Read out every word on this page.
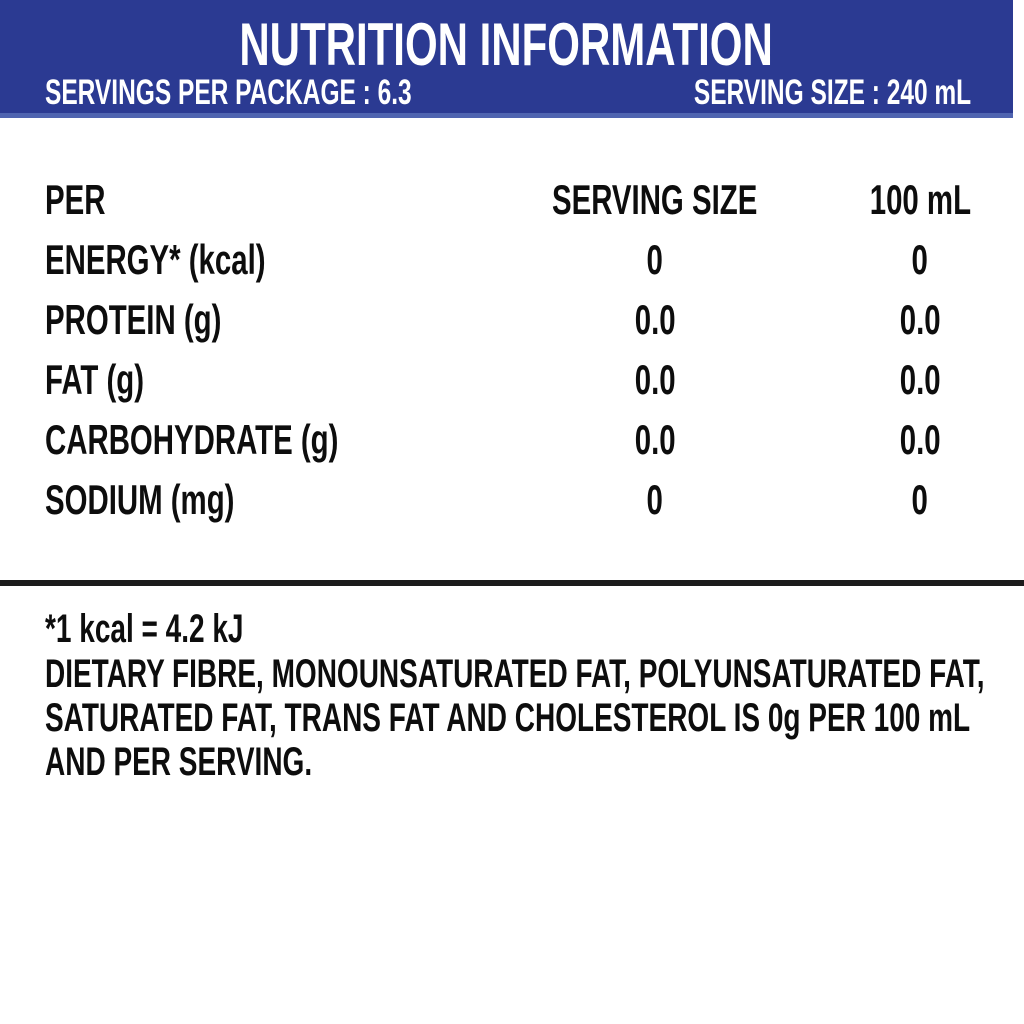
NUTRITION INFORMATION
SERVINGS PER PACKAGE : 6.3	SERVING SIZE : 240 mL
PER	SERVING SIZE	100 mL
ENERGY* (kcal)	0	0
PROTEIN (g)	0.0	0.0
FAT (g)	0.0	0.0
CARBOHYDRATE (g)	0.0	0.0
SODIUM (mg)	0	0

*1 kcal = 4.2 kJ

DIETARY FIBRE, MONOUNSATURATED FAT, POLYUNSATURATED FAT,

SATURATED FAT, TRANS FAT AND CHOLESTEROL IS 0g PER 100 mL

AND PER SERVING.
